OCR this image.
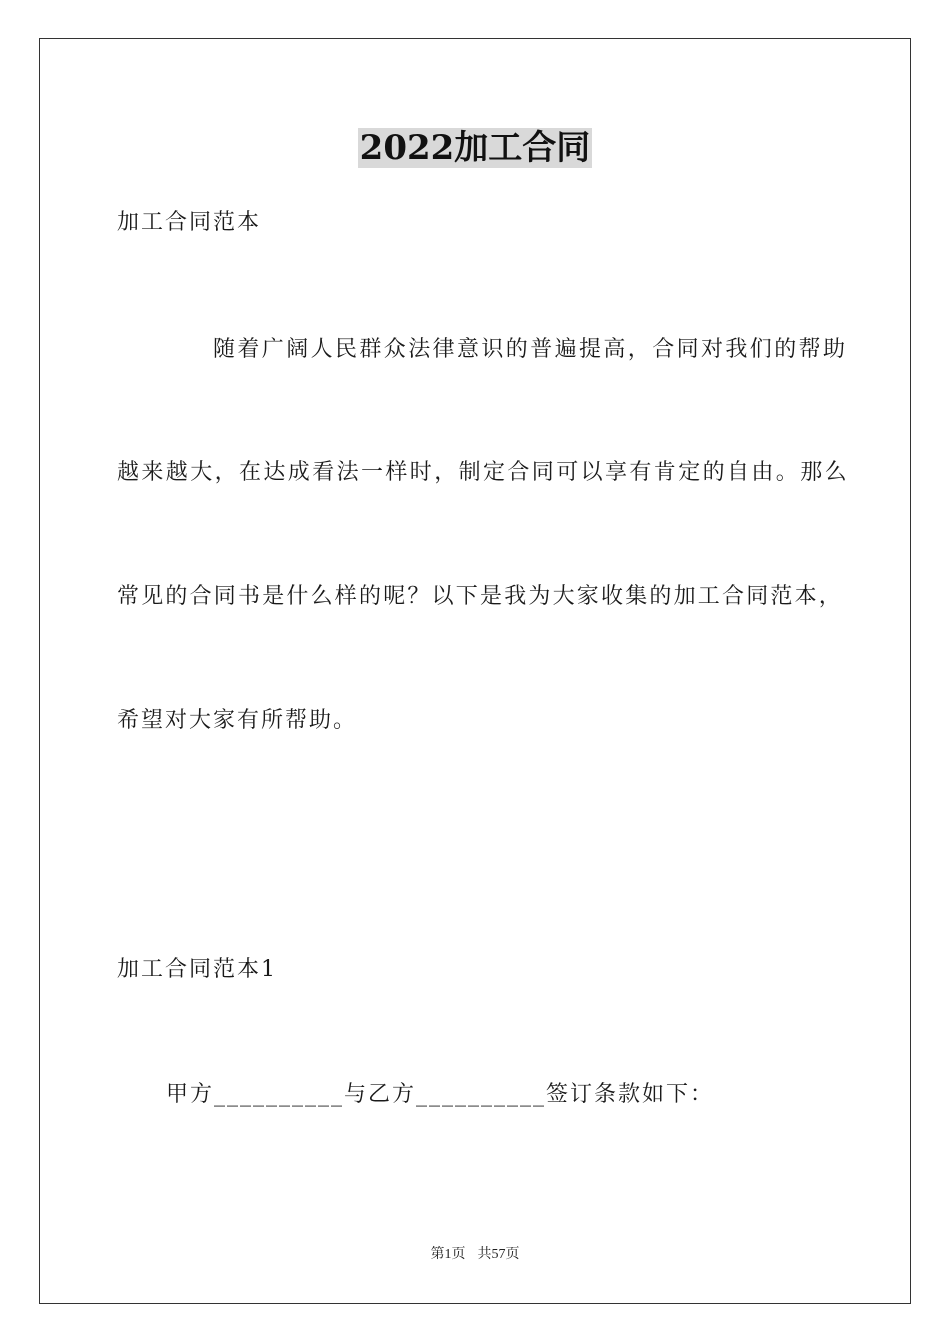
2022加工合同
加工合同范本
随着广阔人民群众法律意识的普遍提高，合同对我们的帮助
越来越大，在达成看法一样时，制定合同可以享有肯定的自由。那么
常见的合同书是什么样的呢？以下是我为大家收集的加工合同范本，
希望对大家有所帮助。
加工合同范本1
甲方__________与乙方__________签订条款如下：
第1页 共57页
